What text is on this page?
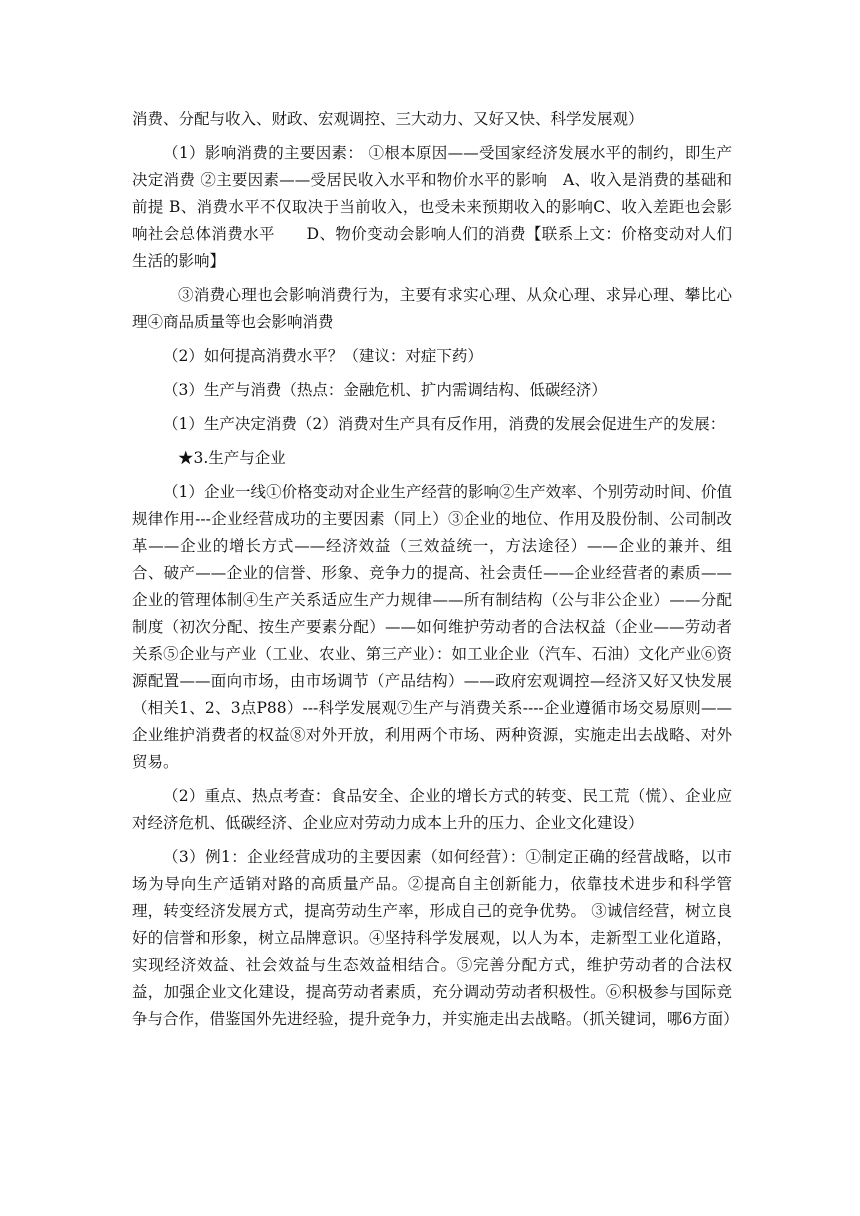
消费、分配与收入、财政、宏观调控、三大动力、又好又快、科学发展观）

（1）影响消费的主要因素： ①根本原因——受国家经济发展水平的制约，即生产决定消费 ②主要因素——受居民收入水平和物价水平的影响　A、收入是消费的基础和前提 B、消费水平不仅取决于当前收入，也受未来预期收入的影响C、收入差距也会影响社会总体消费水平　　D、物价变动会影响人们的消费【联系上文：价格变动对人们生活的影响】

③消费心理也会影响消费行为，主要有求实心理、从众心理、求异心理、攀比心理④商品质量等也会影响消费

（2）如何提高消费水平？（建议：对症下药）

（3）生产与消费（热点：金融危机、扩内需调结构、低碳经济）

（1）生产决定消费（2）消费对生产具有反作用，消费的发展会促进生产的发展：

★3.生产与企业

（1）企业一线①价格变动对企业生产经营的影响②生产效率、个别劳动时间、价值规律作用---企业经营成功的主要因素（同上）③企业的地位、作用及股份制、公司制改革——企业的增长方式——经济效益（三效益统一，方法途径）——企业的兼并、组合、破产——企业的信誉、形象、竞争力的提高、社会责任——企业经营者的素质——企业的管理体制④生产关系适应生产力规律——所有制结构（公与非公企业）——分配制度（初次分配、按生产要素分配）——如何维护劳动者的合法权益（企业——劳动者关系⑤企业与产业（工业、农业、第三产业）：如工业企业（汽车、石油）文化产业⑥资源配置——面向市场，由市场调节（产品结构）——政府宏观调控—经济又好又快发展（相关1、2、3点P88）---科学发展观⑦生产与消费关系----企业遵循市场交易原则——企业维护消费者的权益⑧对外开放，利用两个市场、两种资源，实施走出去战略、对外贸易。

（2）重点、热点考查：食品安全、企业的增长方式的转变、民工荒（慌）、企业应对经济危机、低碳经济、企业应对劳动力成本上升的压力、企业文化建设）

（3）例1：企业经营成功的主要因素（如何经营）：①制定正确的经营战略，以市场为导向生产适销对路的高质量产品。②提高自主创新能力，依靠技术进步和科学管理，转变经济发展方式，提高劳动生产率，形成自己的竞争优势。 ③诚信经营，树立良好的信誉和形象，树立品牌意识。④坚持科学发展观，以人为本，走新型工业化道路，实现经济效益、社会效益与生态效益相结合。⑤完善分配方式，维护劳动者的合法权益，加强企业文化建设，提高劳动者素质，充分调动劳动者积极性。⑥积极参与国际竞争与合作，借鉴国外先进经验，提升竞争力，并实施走出去战略。（抓关键词，哪6方面）
